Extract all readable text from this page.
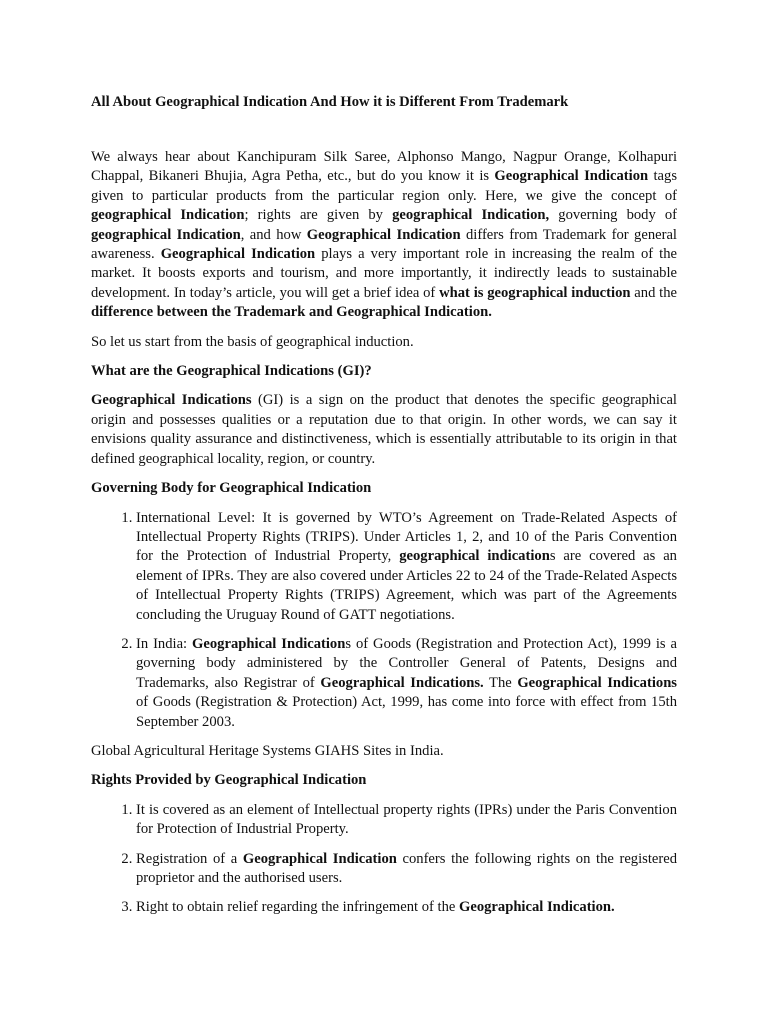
All About Geographical Indication And How it is Different From Trademark

We always hear about Kanchipuram Silk Saree, Alphonso Mango, Nagpur Orange, Kolhapuri Chappal, Bikaneri Bhujia, Agra Petha, etc., but do you know it is Geographical Indication tags given to particular products from the particular region only. Here, we give the concept of geographical Indication; rights are given by geographical Indication, governing body of geographical Indication, and how Geographical Indication differs from Trademark for general awareness. Geographical Indication plays a very important role in increasing the realm of the market. It boosts exports and tourism, and more importantly, it indirectly leads to sustainable development. In today’s article, you will get a brief idea of what is geographical induction and the difference between the Trademark and Geographical Indication.

So let us start from the basis of geographical induction.

What are the Geographical Indications (GI)?

Geographical Indications (GI) is a sign on the product that denotes the specific geographical origin and possesses qualities or a reputation due to that origin. In other words, we can say it envisions quality assurance and distinctiveness, which is essentially attributable to its origin in that defined geographical locality, region, or country.

Governing Body for Geographical Indication
1. International Level: It is governed by WTO’s Agreement on Trade-Related Aspects of Intellectual Property Rights (TRIPS). Under Articles 1, 2, and 10 of the Paris Convention for the Protection of Industrial Property, geographical indications are covered as an element of IPRs. They are also covered under Articles 22 to 24 of the Trade-Related Aspects of Intellectual Property Rights (TRIPS) Agreement, which was part of the Agreements concluding the Uruguay Round of GATT negotiations.
2. In India: Geographical Indications of Goods (Registration and Protection Act), 1999 is a governing body administered by the Controller General of Patents, Designs and Trademarks, also Registrar of Geographical Indications. The Geographical Indications of Goods (Registration & Protection) Act, 1999, has come into force with effect from 15th September 2003.

Global Agricultural Heritage Systems GIAHS Sites in India.

Rights Provided by Geographical Indication
1. It is covered as an element of Intellectual property rights (IPRs) under the Paris Convention for Protection of Industrial Property.
2. Registration of a Geographical Indication confers the following rights on the registered proprietor and the authorised users.
3. Right to obtain relief regarding the infringement of the Geographical Indication.
